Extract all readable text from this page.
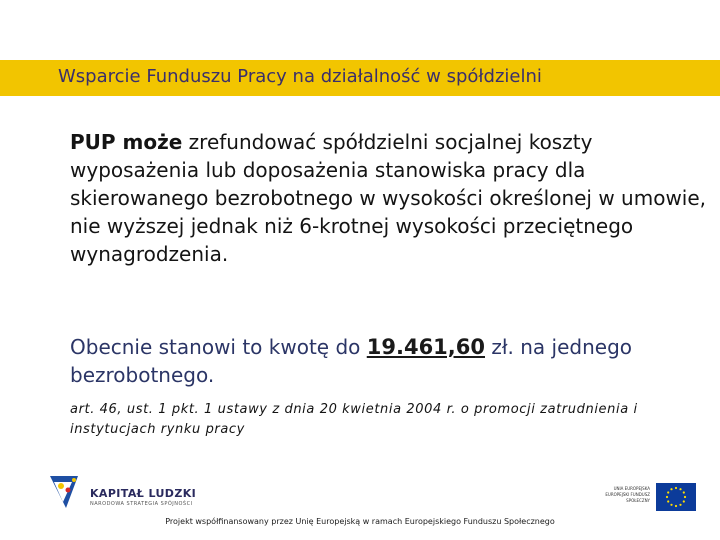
Wsparcie Funduszu Pracy na działalność w spółdzielni
PUP może zrefundować spółdzielni socjalnej koszty wyposażenia lub doposażenia stanowiska pracy dla skierowanego bezrobotnego w wysokości określonej w umowie, nie wyższej jednak niż 6-krotnej wysokości przeciętnego wynagrodzenia.
Obecnie stanowi to kwotę do 19.461,60 zł. na jednego bezrobotnego.
art. 46, ust. 1 pkt. 1 ustawy z dnia 20 kwietnia 2004 r. o promocji zatrudnienia i instytucjach rynku pracy
KAPITAŁ LUDZKI
NARODOWA STRATEGIA SPÓJNOŚCI
UNIA EUROPEJSKA EUROPEJSKI FUNDUSZ SPOŁECZNY
Projekt współfinansowany przez Unię Europejską w ramach Europejskiego Funduszu Społecznego
